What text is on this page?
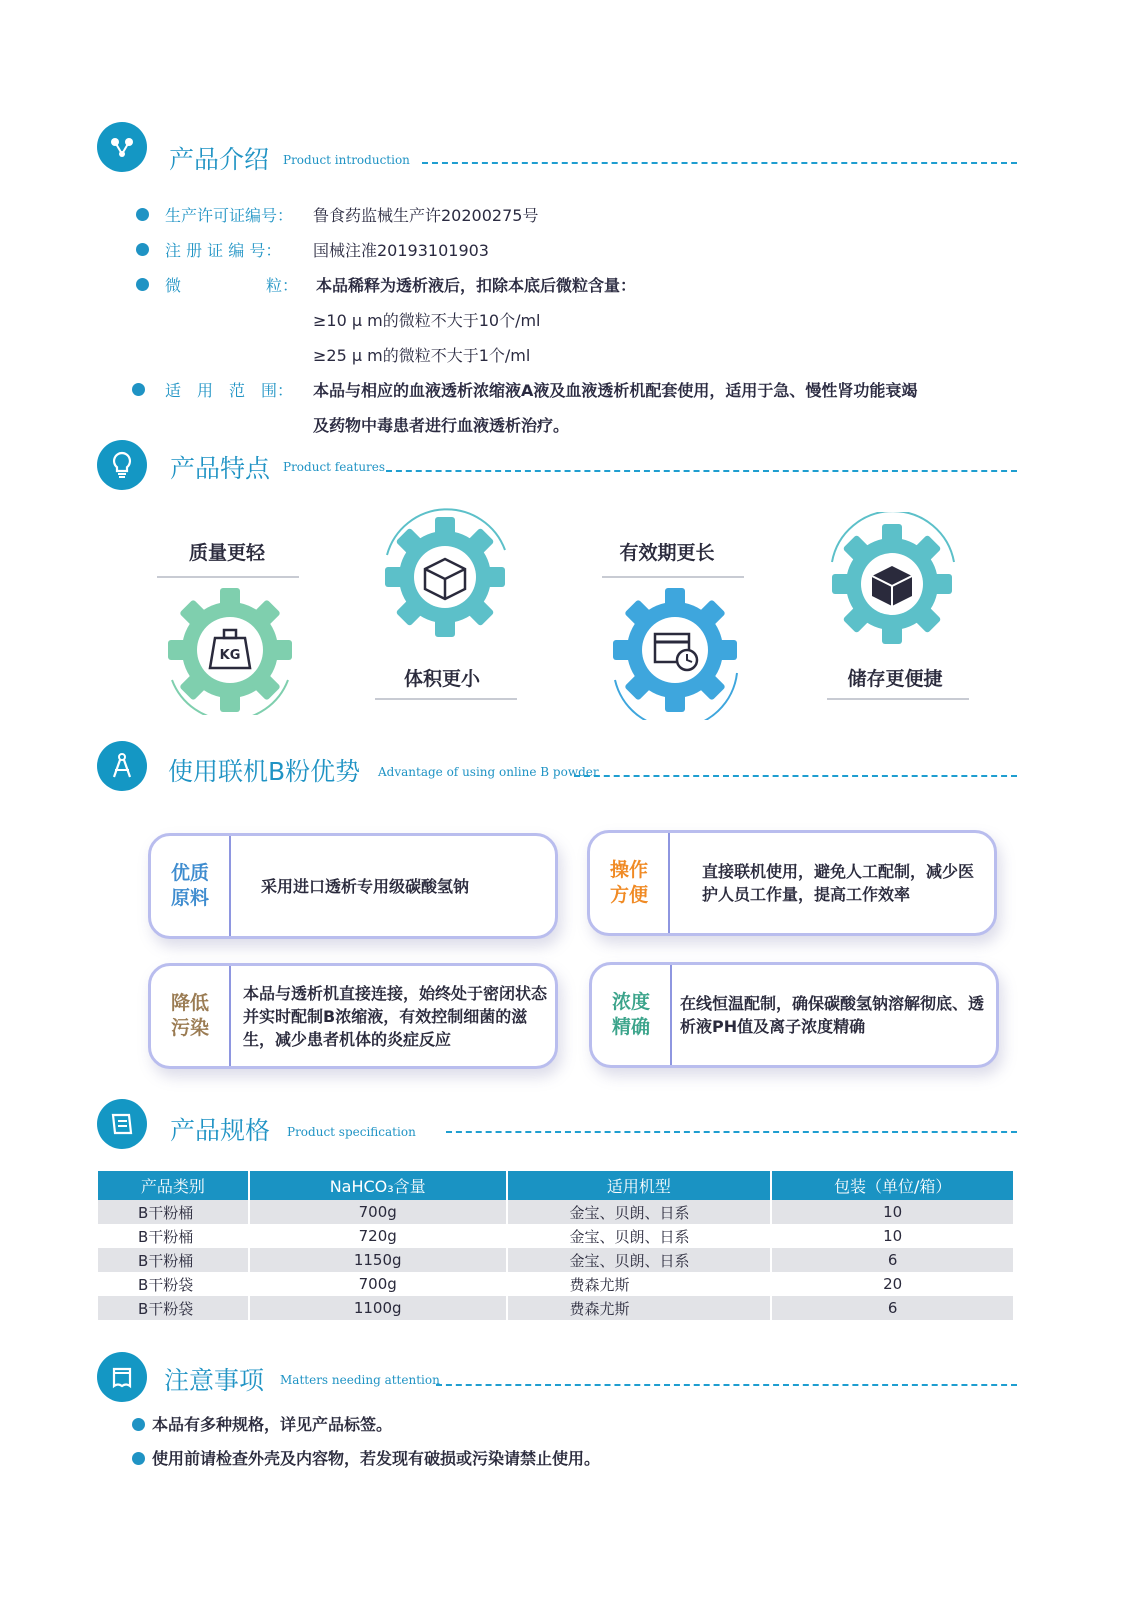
产品介绍 Product introduction
生产许可证编号： 鲁食药监械生产许20200275号
注 册 证 编 号： 国械注准20193101903
微	粒： 本品稀释为透析液后，扣除本底后微粒含量：
≥10 μ m的微粒不大于10个/ml
≥25 μ m的微粒不大于1个/ml
适　用　范　围： 本品与相应的血液透析浓缩液A液及血液透析机配套使用，适用于急、慢性肾功能衰竭
及药物中毒患者进行血液透析治疗。
产品特点 Product features
质量更轻
KG
体积更小
有效期更长
储存更便捷
使用联机B粉优势 Advantage of using online B powder
优质
原料
采用进口透析专用级碳酸氢钠
操作
方便
直接联机使用，避免人工配制，减少医护人员工作量，提高工作效率
降低
污染
本品与透析机直接连接，始终处于密闭状态并实时配制B浓缩液，有效控制细菌的滋生，减少患者机体的炎症反应
浓度
精确
在线恒温配制，确保碳酸氢钠溶解彻底、透析液PH值及离子浓度精确
产品规格 Product specification
产品类别	NaHCO₃含量	适用机型	包装（单位/箱）
B干粉桶	700g	金宝、贝朗、日系	10
B干粉桶	720g	金宝、贝朗、日系	10
B干粉桶	1150g	金宝、贝朗、日系	6
B干粉袋	700g	费森尤斯	20
B干粉袋	1100g	费森尤斯	6
注意事项 Matters needing attention
本品有多种规格，详见产品标签。
使用前请检查外壳及内容物，若发现有破损或污染请禁止使用。
